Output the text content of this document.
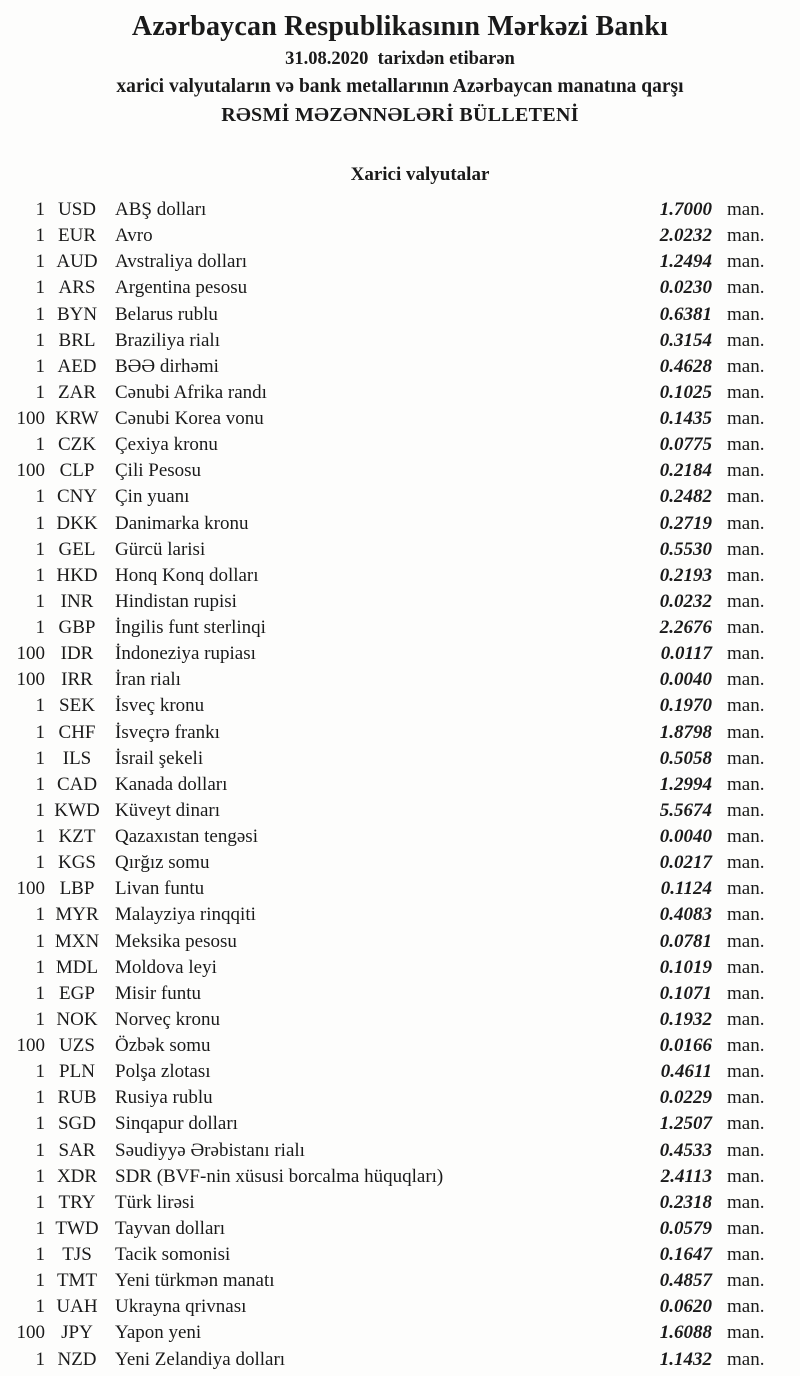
Azərbaycan Respublikasının Mərkəzi Bankı
31.08.2020  tarixdən etibarən
xarici valyutaların və bank metallarının Azərbaycan manatına qarşı
RƏSMİ MƏZƏNNƏLƏRİ BÜLLETENİ
Xarici valyutalar
1 USD	ABŞ dolları	1.7000 man.
1 EUR	Avro	2.0232 man.
1 AUD Avstraliya dolları	1.2494 man.
1 ARS	Argentina pesosu	0.0230 man.
1 BYN Belarus rublu	0.6381 man.
1 BRL	Braziliya rialı	0.3154 man.
1 AED BƏƏ dirhəmi	0.4628 man.
1 ZAR	Cənubi Afrika randı	0.1025 man.
100 KRW Cənubi Korea vonu	0.1435 man.
1 CZK	Çexiya kronu	0.0775 man.
100 CLP	Çili Pesosu	0.2184 man.
1 CNY Çin yuanı	0.2482 man.
1 DKK Danimarka kronu	0.2719 man.
1 GEL	Gürcü larisi	0.5530 man.
1 HKD Honq Konq dolları	0.2193 man.
1 INR	Hindistan rupisi	0.0232 man.
1 GBP	İngilis funt sterlinqi	2.2676 man.
100 IDR	İndoneziya rupiası	0.0117 man.
100 IRR	İran rialı	0.0040 man.
1 SEK	İsveç kronu	0.1970 man.
1 CHF	İsveçrə frankı	1.8798 man.
1 ILS	İsrail şekeli	0.5058 man.
1 CAD Kanada dolları	1.2994 man.
1 KWD Küveyt dinarı	5.5674 man.
1 KZT	Qazaxıstan tengəsi	0.0040 man.
1 KGS	Qırğız somu	0.0217 man.
100 LBP	Livan funtu	0.1124 man.
1 MYR Malayziya rinqqiti	0.4083 man.
1 MXN Meksika pesosu	0.0781 man.
1 MDL Moldova leyi	0.1019 man.
1 EGP	Misir funtu	0.1071 man.
1 NOK Norveç kronu	0.1932 man.
100 UZS	Özbək somu	0.0166 man.
1 PLN	Polşa zlotası	0.4611 man.
1 RUB Rusiya rublu	0.0229 man.
1 SGD	Sinqapur dolları	1.2507 man.
1 SAR	Səudiyyə Ərəbistanı rialı	0.4533 man.
1 XDR SDR (BVF-nin xüsusi borcalma hüquqları)	2.4113 man.
1 TRY	Türk lirəsi	0.2318 man.
1 TWD Tayvan dolları	0.0579 man.
1 TJS	Tacik somonisi	0.1647 man.
1 TMT Yeni türkmən manatı	0.4857 man.
1 UAH Ukrayna qrivnası	0.0620 man.
100 JPY	Yapon yeni	1.6088 man.
1 NZD Yeni Zelandiya dolları	1.1432 man.
